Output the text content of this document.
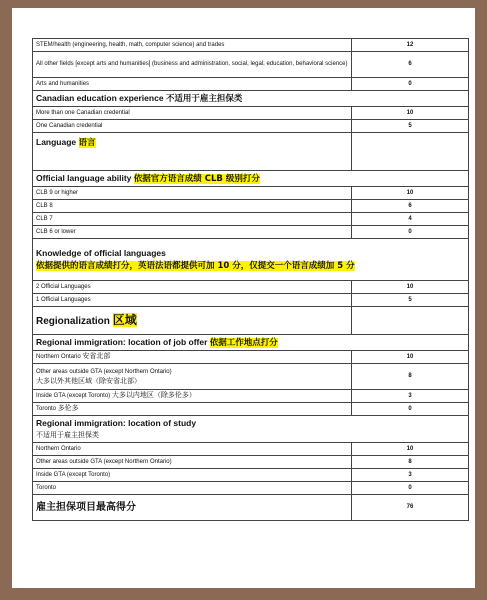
STEM/health (engineering, health, math, computer science) and trades	12
All other fields [except arts and humanities] (business and administration, social, legal, education, behavioral science)	6
Arts and humanities	0
Canadian education experience 不适用于雇主担保类	
More than one Canadian credential	10
One Canadian credential	5
Language 语言	
Official language ability 依据官方语言成绩 CLB 级别打分	
CLB 9 or higher	10
CLB 8	6
CLB 7	4
CLB 6 or lower	0

Knowledge of official languages
依据提供的语言成绩打分，英语法语都提供可加 10 分，仅提交一个语言成绩加 5 分	

2 Official Languages	10
1 Official Languages	5
Regionalization 区域	
Regional immigration: location of job offer 依据工作地点打分	
Northern Ontario 安省北部	10

Other areas outside GTA (except Northern Ontario)
大多以外其他区域（除安省北部）	8
Inside GTA (except Toronto) 大多以内地区（除多伦多）	3
Toronto 多伦多	0

Regional immigration: location of study
不适用于雇主担保类	

Northern Ontario	10
Other areas outside GTA (except Northern Ontario)	8
Inside GTA (except Toronto)	3
Toronto	0
雇主担保项目最高得分	76
